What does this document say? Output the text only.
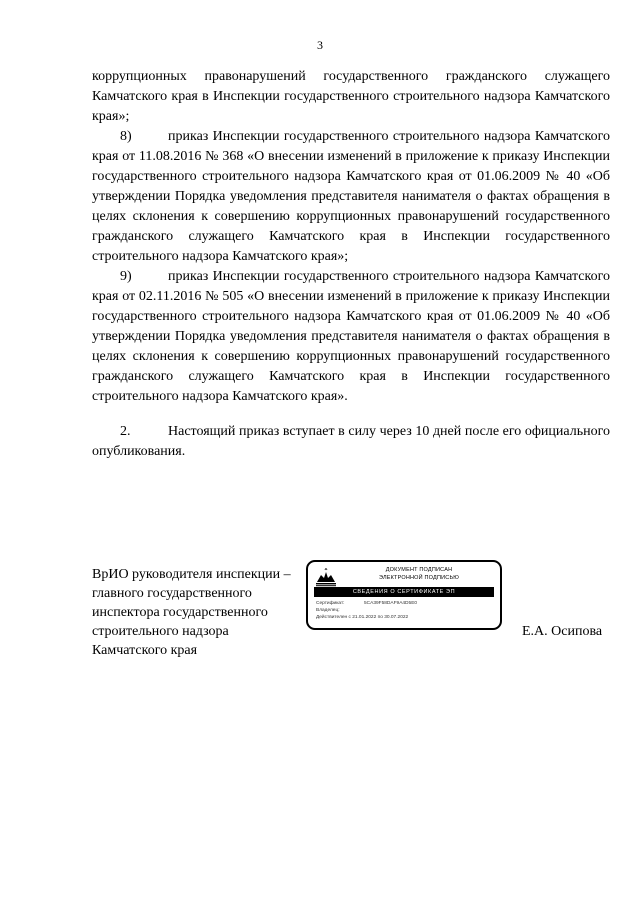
3

коррупционных правонарушений государственного гражданского служащего Камчатского края в Инспекции государственного строительного надзора Камчатского края»;

8)	приказ Инспекции государственного строительного надзора Камчатского края от 11.08.2016 № 368 «О внесении изменений в приложение к приказу Инспекции государственного строительного надзора Камчатского края от 01.06.2009 № 40 «Об утверждении Порядка уведомления представителя нанимателя о фактах обращения в целях склонения к совершению коррупционных правонарушений государственного гражданского служащего Камчатского края в Инспекции государственного строительного надзора Камчатского края»;

9)	приказ Инспекции государственного строительного надзора Камчатского края от 02.11.2016 № 505 «О внесении изменений в приложение к приказу Инспекции государственного строительного надзора Камчатского края от 01.06.2009 № 40 «Об утверждении Порядка уведомления представителя нанимателя о фактах обращения в целях склонения к совершению коррупционных правонарушений государственного гражданского служащего Камчатского края в Инспекции государственного строительного надзора Камчатского края».

2.	Настоящий приказ вступает в силу через 10 дней после его официального опубликования.

ВрИО руководителя инспекции –
главного государственного
инспектора государственного
строительного надзора
Камчатского края
ДОКУМЕНТ ПОДПИСАН
ЭЛЕКТРОННОЙ ПОДПИСЬЮ
СВЕДЕНИЯ О СЕРТИФИКАТЕ ЭП
Сертификат:	5CA39F58DAF9A4D5E0
Владелец:
Действителен с 21.01.2022 по 30.07.2022
Е.А. Осипова
